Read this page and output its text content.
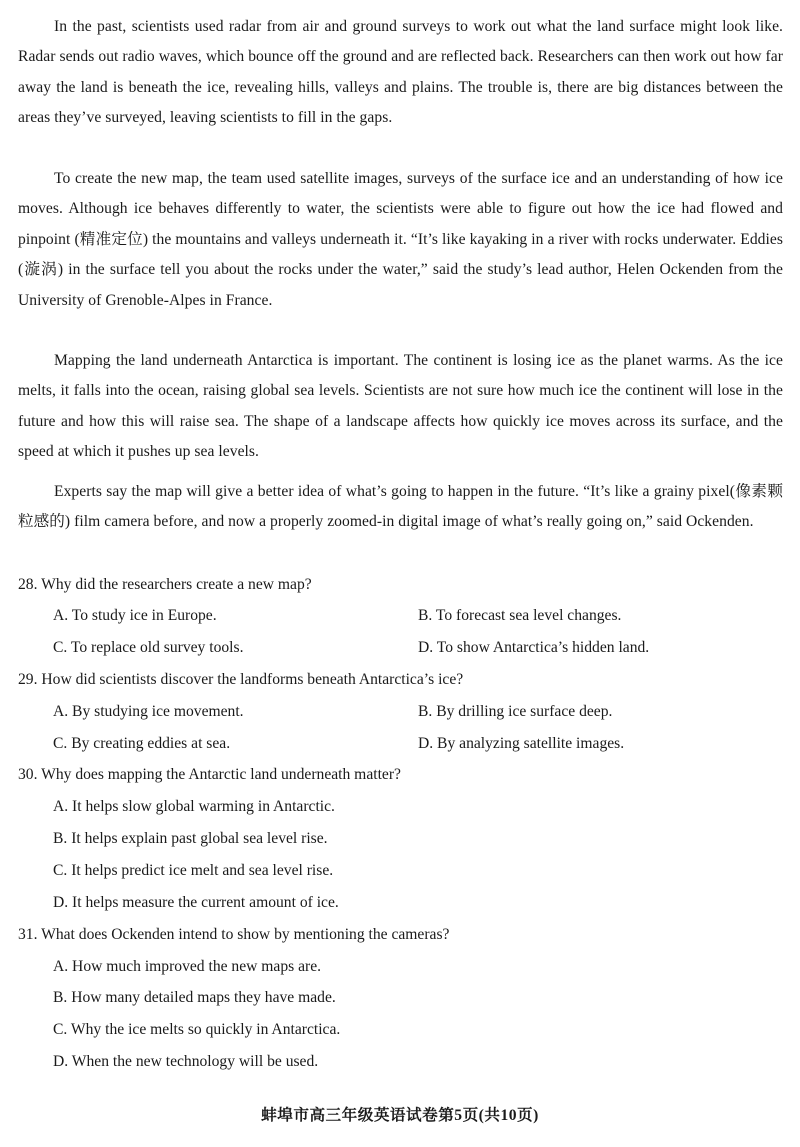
In the past, scientists used radar from air and ground surveys to work out what the land surface might look like. Radar sends out radio waves, which bounce off the ground and are reflected back. Researchers can then work out how far away the land is beneath the ice, revealing hills, valleys and plains. The trouble is, there are big distances between the areas they’ve surveyed, leaving scientists to fill in the gaps.

To create the new map, the team used satellite images, surveys of the surface ice and an understanding of how ice moves. Although ice behaves differently to water, the scientists were able to figure out how the ice had flowed and pinpoint (精准定位) the mountains and valleys underneath it. “It’s like kayaking in a river with rocks underwater. Eddies (漩涡) in the surface tell you about the rocks under the water,” said the study’s lead author, Helen Ockenden from the University of Grenoble-Alpes in France.

Mapping the land underneath Antarctica is important. The continent is losing ice as the planet warms. As the ice melts, it falls into the ocean, raising global sea levels. Scientists are not sure how much ice the continent will lose in the future and how this will raise sea. The shape of a landscape affects how quickly ice moves across its surface, and the speed at which it pushes up sea levels.

Experts say the map will give a better idea of what’s going to happen in the future. “It’s like a grainy pixel(像素颗粒感的) film camera before, and now a properly zoomed-in digital image of what’s really going on,” said Ockenden.

28. Why did the researchers create a new map?
A. To study ice in Europe.	B. To forecast sea level changes.
C. To replace old survey tools.	D. To show Antarctica’s hidden land.
29. How did scientists discover the landforms beneath Antarctica’s ice?
A. By studying ice movement.	B. By drilling ice surface deep.
C. By creating eddies at sea.	D. By analyzing satellite images.
30. Why does mapping the Antarctic land underneath matter?
A. It helps slow global warming in Antarctic.
B. It helps explain past global sea level rise.
C. It helps predict ice melt and sea level rise.
D. It helps measure the current amount of ice.
31. What does Ockenden intend to show by mentioning the cameras?
A. How much improved the new maps are.
B. How many detailed maps they have made.
C. Why the ice melts so quickly in Antarctica.
D. When the new technology will be used.
蚌埠市高三年级英语试卷第5页(共10页)
